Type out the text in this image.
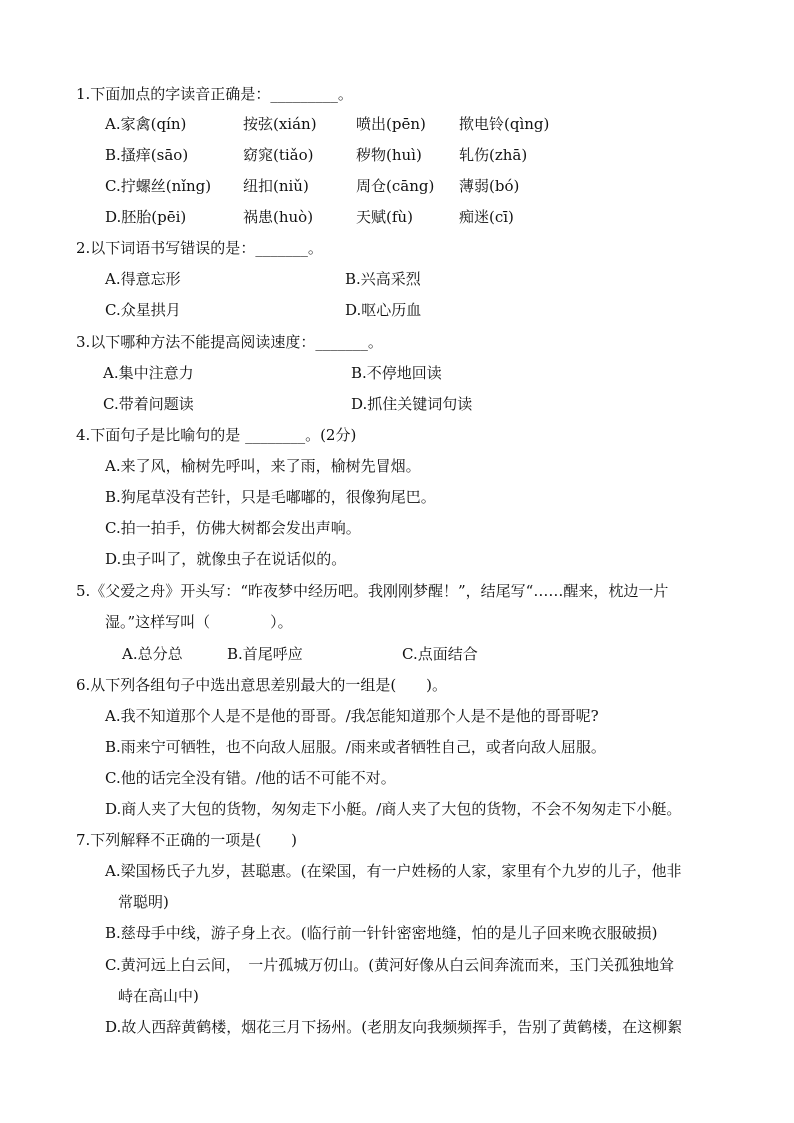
1.下面加点的字读音正确是：_________。
A.家禽(qín)	按弦(xián)	喷出(pēn) 揿电铃(qìng)
B.搔痒(sāo)	窈窕(tiǎo)	秽物(huì) 轧伤(zhā)
C.拧螺丝(nǐng) 纽扣(niǔ)	周仓(cāng) 薄弱(bó)
D.胚胎(pēi)	祸患(huò)	天赋(fù)	痴迷(cī)
2.以下词语书写错误的是：_______。
A.得意忘形	B.兴高采烈
C.众星拱月	D.呕心历血
3.以下哪种方法不能提高阅读速度：_______。
A.集中注意力	B.不停地回读
C.带着问题读	D.抓住关键词句读
4.下面句子是比喻句的是 ________。(2分)
A.来了风，榆树先呼叫，来了雨，榆树先冒烟。
B.狗尾草没有芒针，只是毛嘟嘟的，很像狗尾巴。
C.拍一拍手，仿佛大树都会发出声响。
D.虫子叫了，就像虫子在说话似的。
5.《父爱之舟》开头写：“昨夜梦中经历吧。我刚刚梦醒！”，结尾写“……醒来，枕边一片
湿。”这样写叫（　　　　）。
A.总分总	B.首尾呼应	C.点面结合
6.从下列各组句子中选出意思差别最大的一组是(　　)。
A.我不知道那个人是不是他的哥哥。/我怎能知道那个人是不是他的哥哥呢?
B.雨来宁可牺牲，也不向敌人屈服。/雨来或者牺牲自己，或者向敌人屈服。
C.他的话完全没有错。/他的话不可能不对。
D.商人夹了大包的货物，匆匆走下小艇。/商人夹了大包的货物，不会不匆匆走下小艇。
7.下列解释不正确的一项是(　　)
A.梁国杨氏子九岁，甚聪惠。(在梁国，有一户姓杨的人家，家里有个九岁的儿子，他非
常聪明)
B.慈母手中线，游子身上衣。(临行前一针针密密地缝，怕的是儿子回来晚衣服破损)
C.黄河远上白云间，　一片孤城万仞山。(黄河好像从白云间奔流而来，玉门关孤独地耸
峙在高山中)
D.故人西辞黄鹤楼，烟花三月下扬州。(老朋友向我频频挥手，告别了黄鹤楼，在这柳絮
